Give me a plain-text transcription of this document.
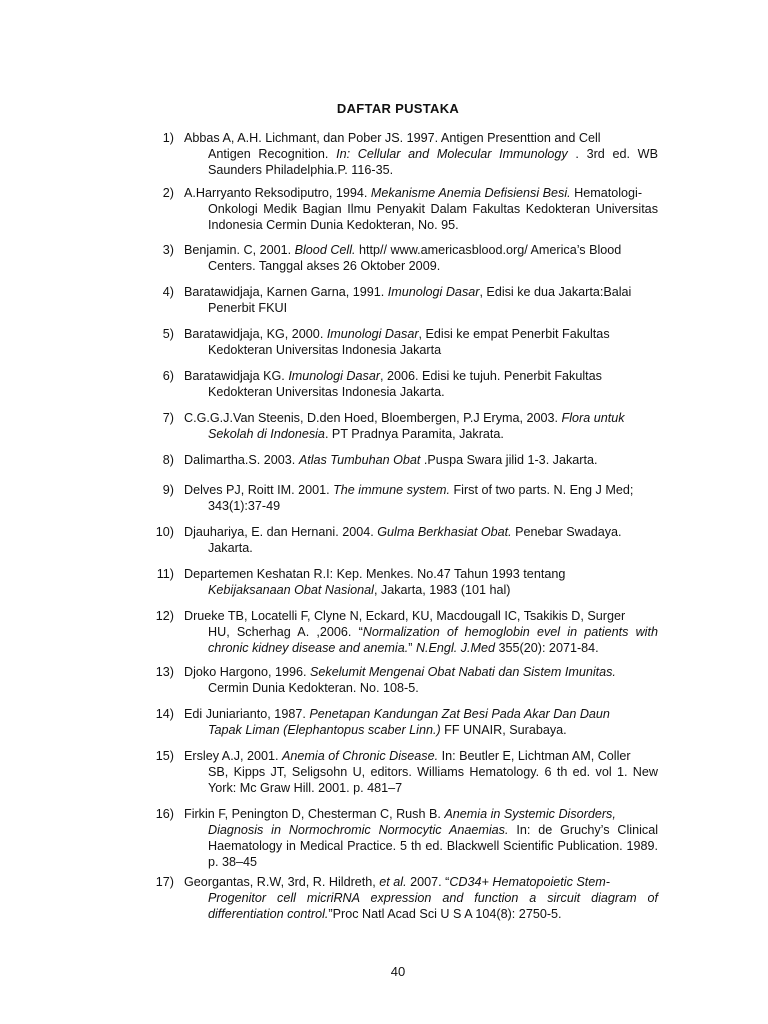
DAFTAR PUSTAKA
1) Abbas A, A.H. Lichmant, dan Pober JS. 1997. Antigen Presenttion and Cell
Antigen Recognition. In: Cellular and Molecular Immunology . 3rd ed. WB Saunders Philadelphia.P. 116-35.
2) A.Harryanto Reksodiputro, 1994. Mekanisme Anemia Defisiensi Besi. Hematologi-
Onkologi Medik Bagian Ilmu Penyakit Dalam Fakultas Kedokteran Universitas Indonesia Cermin Dunia Kedokteran, No. 95.
3) Benjamin. C, 2001. Blood Cell. http// www.americasblood.org/ America’s Blood
Centers. Tanggal akses 26 Oktober 2009.
4) Baratawidjaja, Karnen Garna, 1991. Imunologi Dasar, Edisi ke dua Jakarta:Balai
Penerbit FKUI
5) Baratawidjaja, KG, 2000. Imunologi Dasar, Edisi ke empat Penerbit Fakultas
Kedokteran Universitas Indonesia Jakarta
6) Baratawidjaja KG. Imunologi Dasar, 2006. Edisi ke tujuh. Penerbit Fakultas
Kedokteran Universitas Indonesia Jakarta.
7) C.G.G.J.Van Steenis, D.den Hoed, Bloembergen, P.J Eryma, 2003. Flora untuk
Sekolah di Indonesia. PT Pradnya Paramita, Jakrata.
8) Dalimartha.S. 2003. Atlas Tumbuhan Obat .Puspa Swara jilid 1-3. Jakarta.
9) Delves PJ, Roitt IM. 2001. The immune system. First of two parts. N. Eng J Med;
343(1):37-49
10) Djauhariya, E. dan Hernani. 2004. Gulma Berkhasiat Obat. Penebar Swadaya.
Jakarta.
11) Departemen Keshatan R.I: Kep. Menkes. No.47 Tahun 1993 tentang
Kebijaksanaan Obat Nasional, Jakarta, 1983 (101 hal)
12) Drueke TB, Locatelli F, Clyne N, Eckard, KU, Macdougall IC, Tsakikis D, Surger
HU, Scherhag A. ,2006. “Normalization of hemoglobin evel in patients with chronic kidney disease and anemia.” N.Engl. J.Med 355(20): 2071-84.
13) Djoko Hargono, 1996. Sekelumit Mengenai Obat Nabati dan Sistem Imunitas.
Cermin Dunia Kedokteran. No. 108-5.
14) Edi Juniarianto, 1987. Penetapan Kandungan Zat Besi Pada Akar Dan Daun
Tapak Liman (Elephantopus scaber Linn.) FF UNAIR, Surabaya.
15) Ersley A.J, 2001. Anemia of Chronic Disease. In: Beutler E, Lichtman AM, Coller
SB, Kipps JT, Seligsohn U, editors. Williams Hematology. 6 th ed. vol 1. New York: Mc Graw Hill. 2001. p. 481–7
16) Firkin F, Penington D, Chesterman C, Rush B. Anemia in Systemic Disorders,
Diagnosis in Normochromic Normocytic Anaemias. In: de Gruchy’s Clinical Haematology in Medical Practice. 5 th ed. Blackwell Scientific Publication. 1989. p. 38–45
17) Georgantas, R.W, 3rd, R. Hildreth, et al. 2007. “CD34+ Hematopoietic Stem-
Progenitor cell micriRNA expression and function a sircuit diagram of differentiation control.”Proc Natl Acad Sci U S A 104(8): 2750-5.
40
